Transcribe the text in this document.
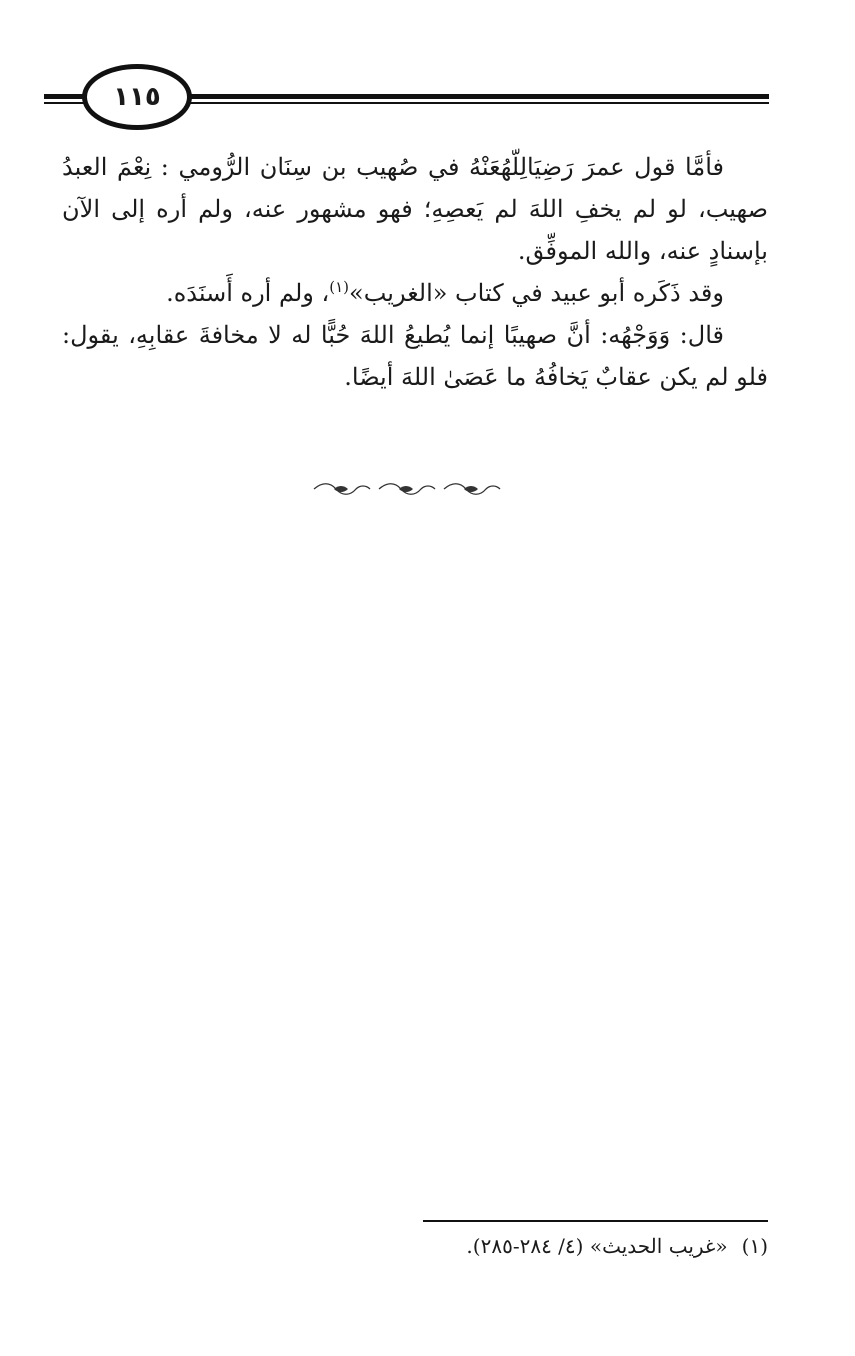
١١٥

فأمَّا قول عمرَ رَضِيَالِلّهُعَنْهُ في صُهيب بن سِنَان الرُّومي : نِعْمَ العبدُ صهيب، لو لم يخفِ اللهَ لم يَعصِهِ؛ فهو مشهور عنه، ولم أره إلى الآن بإسنادٍ عنه، والله الموفِّق.

وقد ذَكَره أبو عبيد في كتاب «الغريب»$^{(١)}$، ولم أره أَسنَدَه.

قال: وَوَجْهُه: أنَّ صهيبًا إنما يُطيعُ اللهَ حُبًّا له لا مخافةَ عقابِهِ، يقول: فلو لم يكن عقابٌ يَخافُهُ ما عَصَىٰ اللهَ أيضًا.

(١)«غريب الحديث» (٤/ ٢٨٤-٢٨٥).
